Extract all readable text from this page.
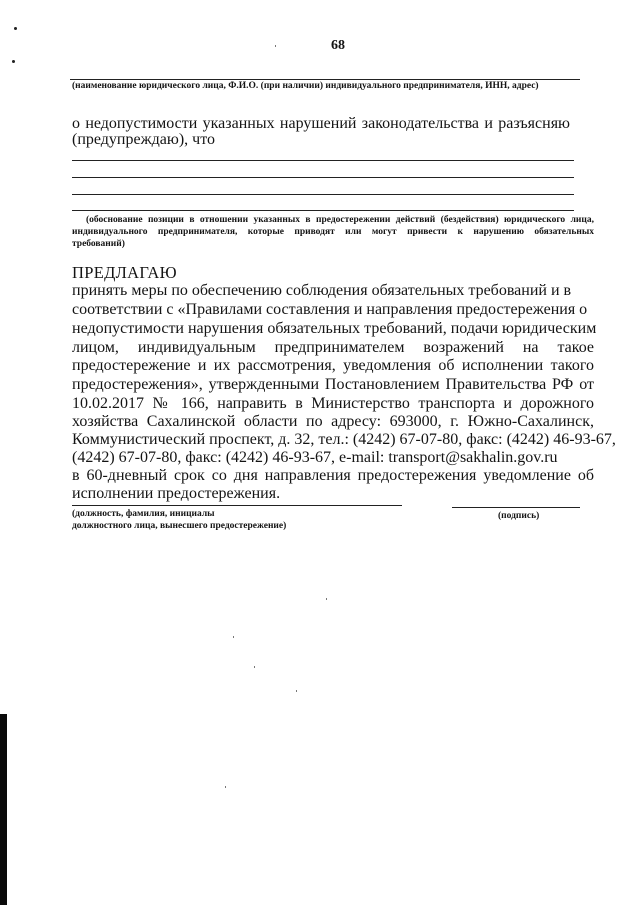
68
(наименование юридического лица, Ф.И.О. (при наличии) индивидуального предпринимателя, ИНН, адрес)
о недопустимости указанных нарушений законодательства и разъясняю
(предупреждаю), что
(обоснование позиции в отношении указанных в предостережении действий (бездействия) юридического лица,
индивидуального предпринимателя, которые приводят или могут привести к нарушению обязательных
требований)
ПРЕДЛАГАЮ
принять меры по обеспечению соблюдения обязательных требований и в
соответствии с «Правилами составления и направления предостережения о
недопустимости нарушения обязательных требований, подачи юридическим
лицом, индивидуальным предпринимателем возражений на такое
предостережение и их рассмотрения, уведомления об исполнении такого
предостережения», утвержденными Постановлением Правительства РФ от
10.02.2017 № 166, направить в Министерство транспорта и дорожного
хозяйства Сахалинской области по адресу: 693000, г. Южно-Сахалинск,
Коммунистический проспект, д. 32, тел.: (4242) 67-07-80, факс: (4242) 46-93-67,
(4242) 67-07-80, факс: (4242) 46-93-67, e-mail: transport@sakhalin.gov.ru
в 60-дневный срок со дня направления предостережения уведомление об
исполнении предостережения.
(должность, фамилия, инициалы
должностного лица, вынесшего предостережение)
(подпись)
